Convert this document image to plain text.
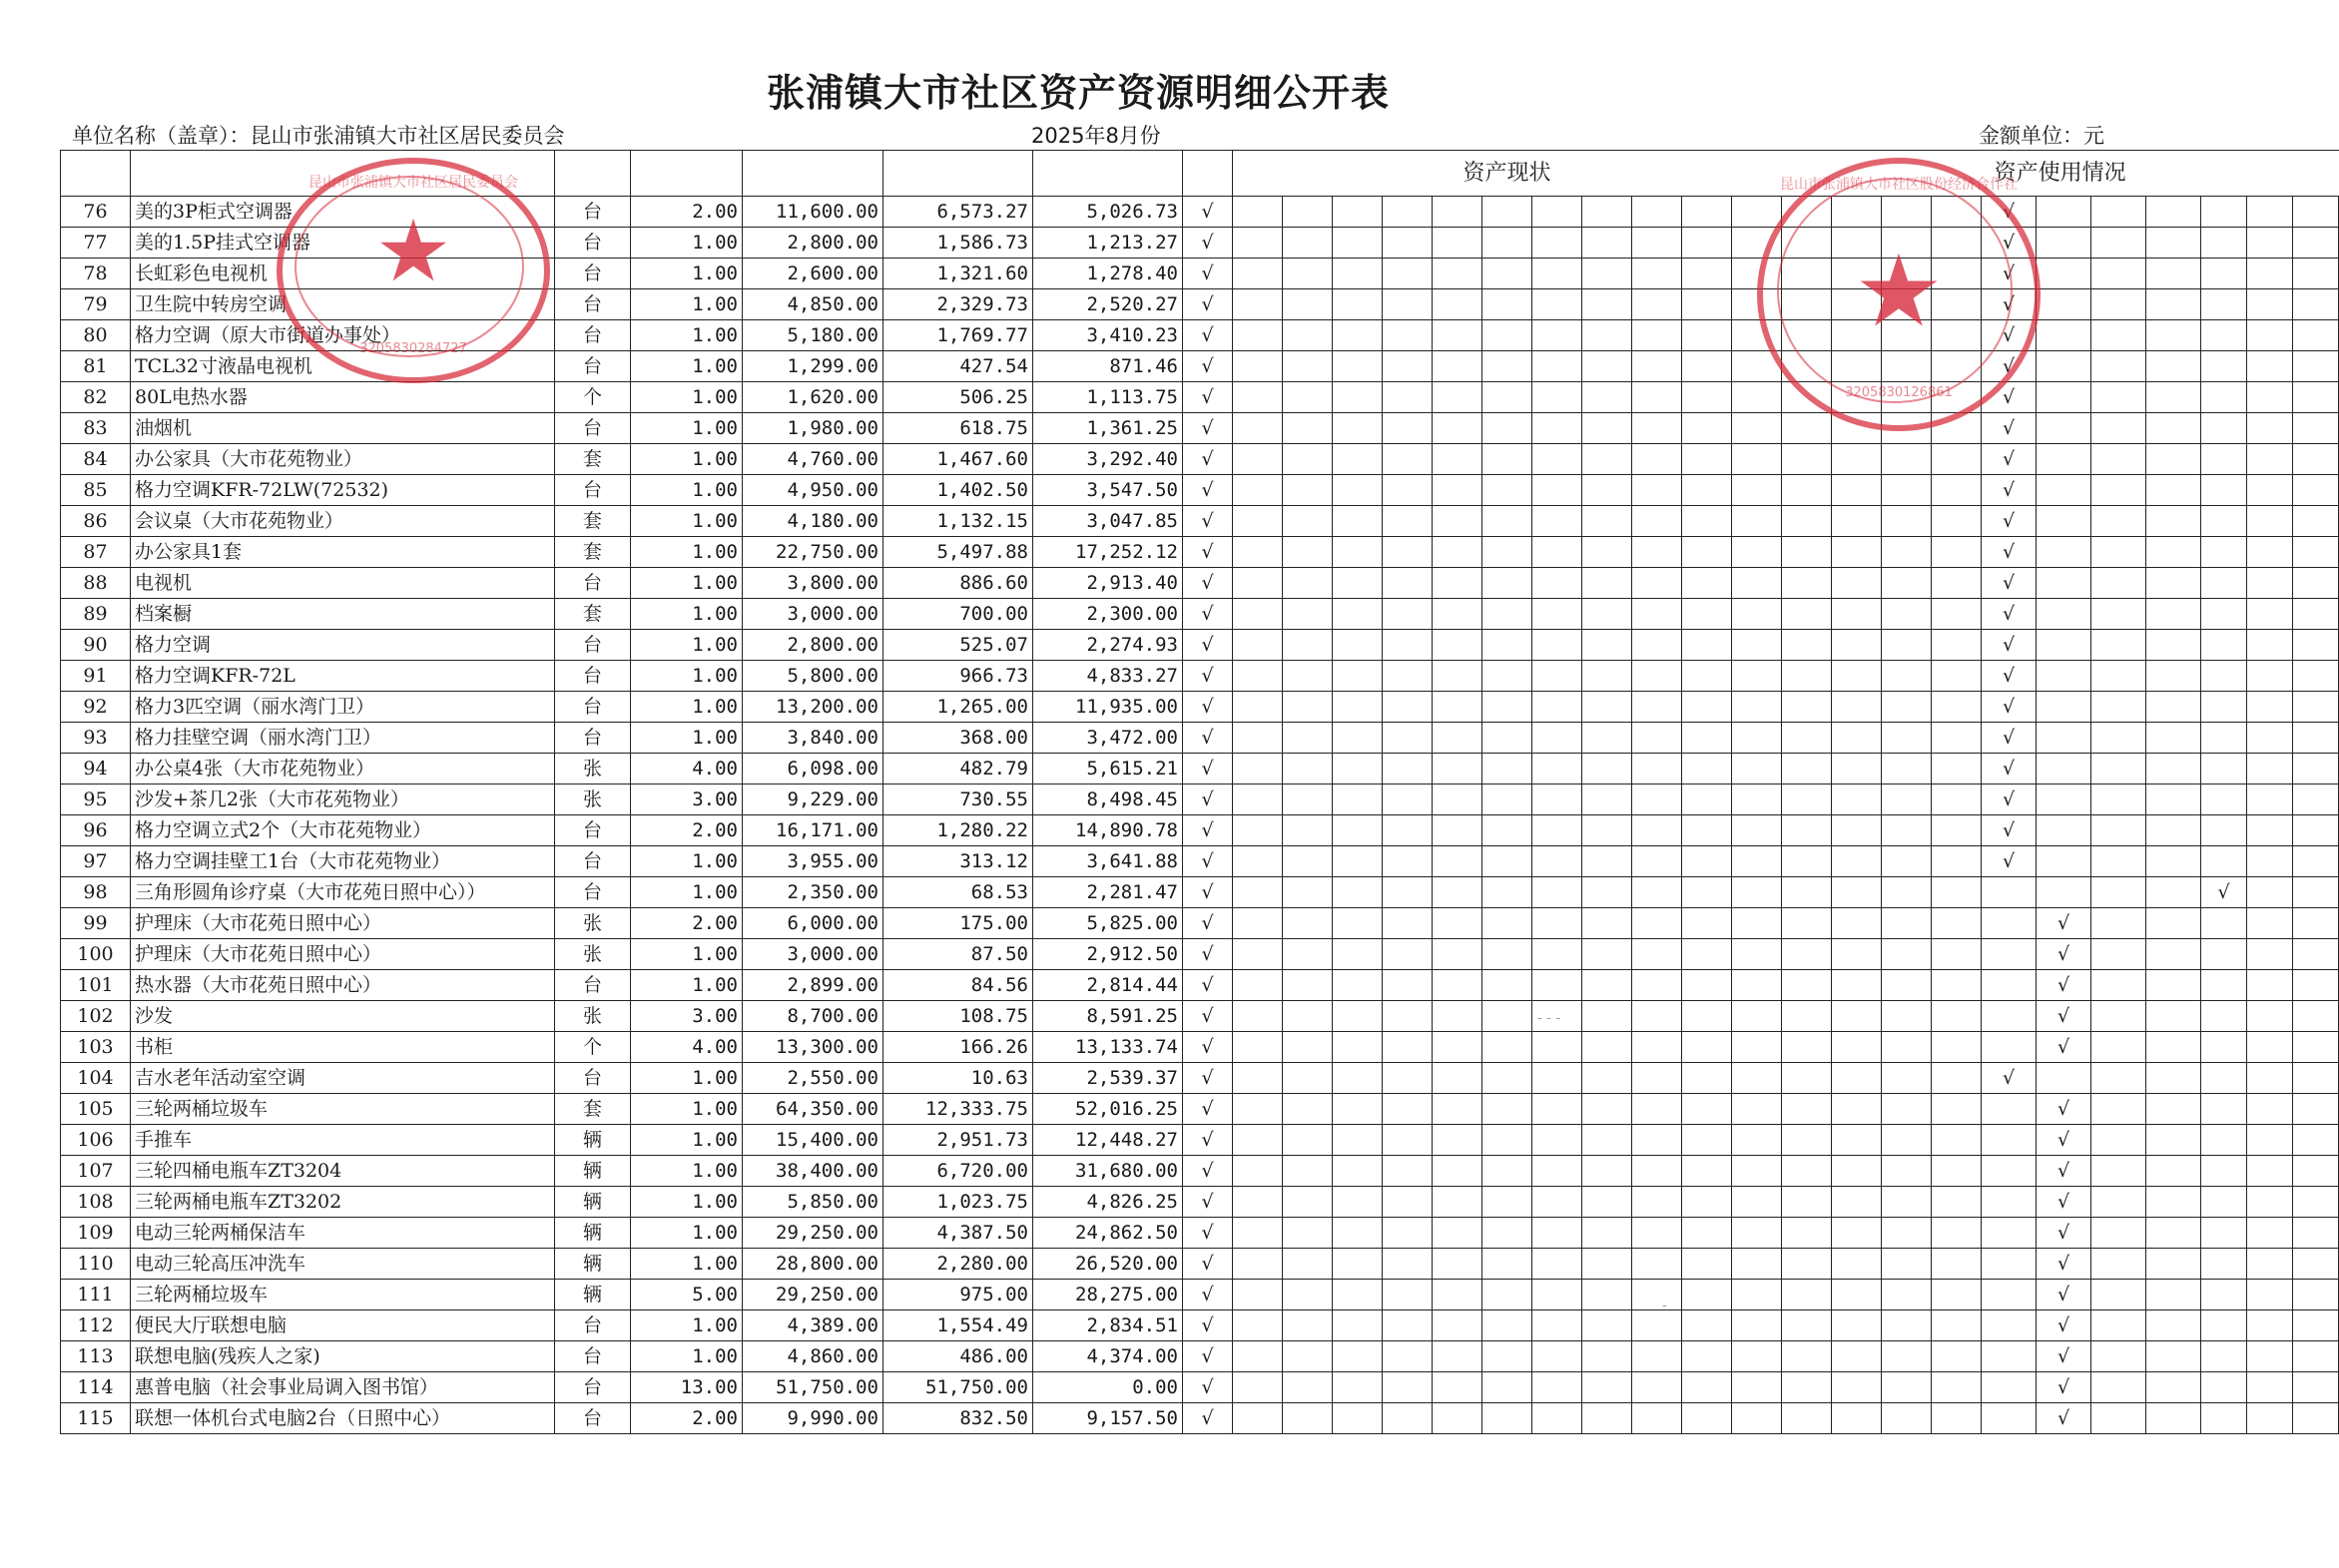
张浦镇大市社区资产资源明细公开表
单位名称（盖章）：昆山市张浦镇大市社区居民委员会	2025年8月份	金额单位：元
								资产现状											资产使用情况										
76	美的3P柜式空调器	台	2.00	11,600.00	6,573.27	5,026.73	√																√						
77	美的1.5P挂式空调器	台	1.00	2,800.00	1,586.73	1,213.27	√																√						
78	长虹彩色电视机	台	1.00	2,600.00	1,321.60	1,278.40	√																√						
79	卫生院中转房空调	台	1.00	4,850.00	2,329.73	2,520.27	√																√						
80	格力空调（原大市街道办事处）	台	1.00	5,180.00	1,769.77	3,410.23	√																√						
81	TCL32寸液晶电视机	台	1.00	1,299.00	427.54	871.46	√																√						
82	80L电热水器	个	1.00	1,620.00	506.25	1,113.75	√																√						
83	油烟机	台	1.00	1,980.00	618.75	1,361.25	√																√						
84	办公家具（大市花苑物业）	套	1.00	4,760.00	1,467.60	3,292.40	√																√						
85	格力空调KFR-72LW(72532)	台	1.00	4,950.00	1,402.50	3,547.50	√																√						
86	会议桌（大市花苑物业）	套	1.00	4,180.00	1,132.15	3,047.85	√																√						
87	办公家具1套	套	1.00	22,750.00	5,497.88	17,252.12	√																√						
88	电视机	台	1.00	3,800.00	886.60	2,913.40	√																√						
89	档案橱	套	1.00	3,000.00	700.00	2,300.00	√																√						
90	格力空调	台	1.00	2,800.00	525.07	2,274.93	√																√						
91	格力空调KFR-72L	台	1.00	5,800.00	966.73	4,833.27	√																√						
92	格力3匹空调（丽水湾门卫）	台	1.00	13,200.00	1,265.00	11,935.00	√																√						
93	格力挂壁空调（丽水湾门卫）	台	1.00	3,840.00	368.00	3,472.00	√																√						
94	办公桌4张（大市花苑物业）	张	4.00	6,098.00	482.79	5,615.21	√																√						
95	沙发+茶几2张（大市花苑物业）	张	3.00	9,229.00	730.55	8,498.45	√																√						
96	格力空调立式2个（大市花苑物业）	台	2.00	16,171.00	1,280.22	14,890.78	√																√						
97	格力空调挂壁工1台（大市花苑物业）	台	1.00	3,955.00	313.12	3,641.88	√																√						
98	三角形圆角诊疗桌（大市花苑日照中心））	台	1.00	2,350.00	68.53	2,281.47	√																				√		
99	护理床（大市花苑日照中心）	张	2.00	6,000.00	175.00	5,825.00	√																	√					
100	护理床（大市花苑日照中心）	张	1.00	3,000.00	87.50	2,912.50	√																	√					
101	热水器（大市花苑日照中心）	台	1.00	2,899.00	84.56	2,814.44	√																	√					
102	沙发	张	3.00	8,700.00	108.75	8,591.25	√																	√					
103	书柜	个	4.00	13,300.00	166.26	13,133.74	√																	√					
104	吉水老年活动室空调	台	1.00	2,550.00	10.63	2,539.37	√																√						
105	三轮两桶垃圾车	套	1.00	64,350.00	12,333.75	52,016.25	√																	√					
106	手推车	辆	1.00	15,400.00	2,951.73	12,448.27	√																	√					
107	三轮四桶电瓶车ZT3204	辆	1.00	38,400.00	6,720.00	31,680.00	√																	√					
108	三轮两桶电瓶车ZT3202	辆	1.00	5,850.00	1,023.75	4,826.25	√																	√					
109	电动三轮两桶保洁车	辆	1.00	29,250.00	4,387.50	24,862.50	√																	√					
110	电动三轮高压冲洗车	辆	1.00	28,800.00	2,280.00	26,520.00	√																	√					
111	三轮两桶垃圾车	辆	5.00	29,250.00	975.00	28,275.00	√																	√					
112	便民大厅联想电脑	台	1.00	4,389.00	1,554.49	2,834.51	√																	√					
113	联想电脑(残疾人之家)	台	1.00	4,860.00	486.00	4,374.00	√																	√					
114	惠普电脑（社会事业局调入图书馆）	台	13.00	51,750.00	51,750.00	0.00	√																	√					
115	联想一体机台式电脑2台（日照中心）	台	2.00	9,990.00	832.50	9,157.50	√																	√					
★
昆山市张浦镇大市社区居民委员会
3205830284727	★
昆山市张浦镇大市社区股份经济合作社
3205830126861
- - -
-
